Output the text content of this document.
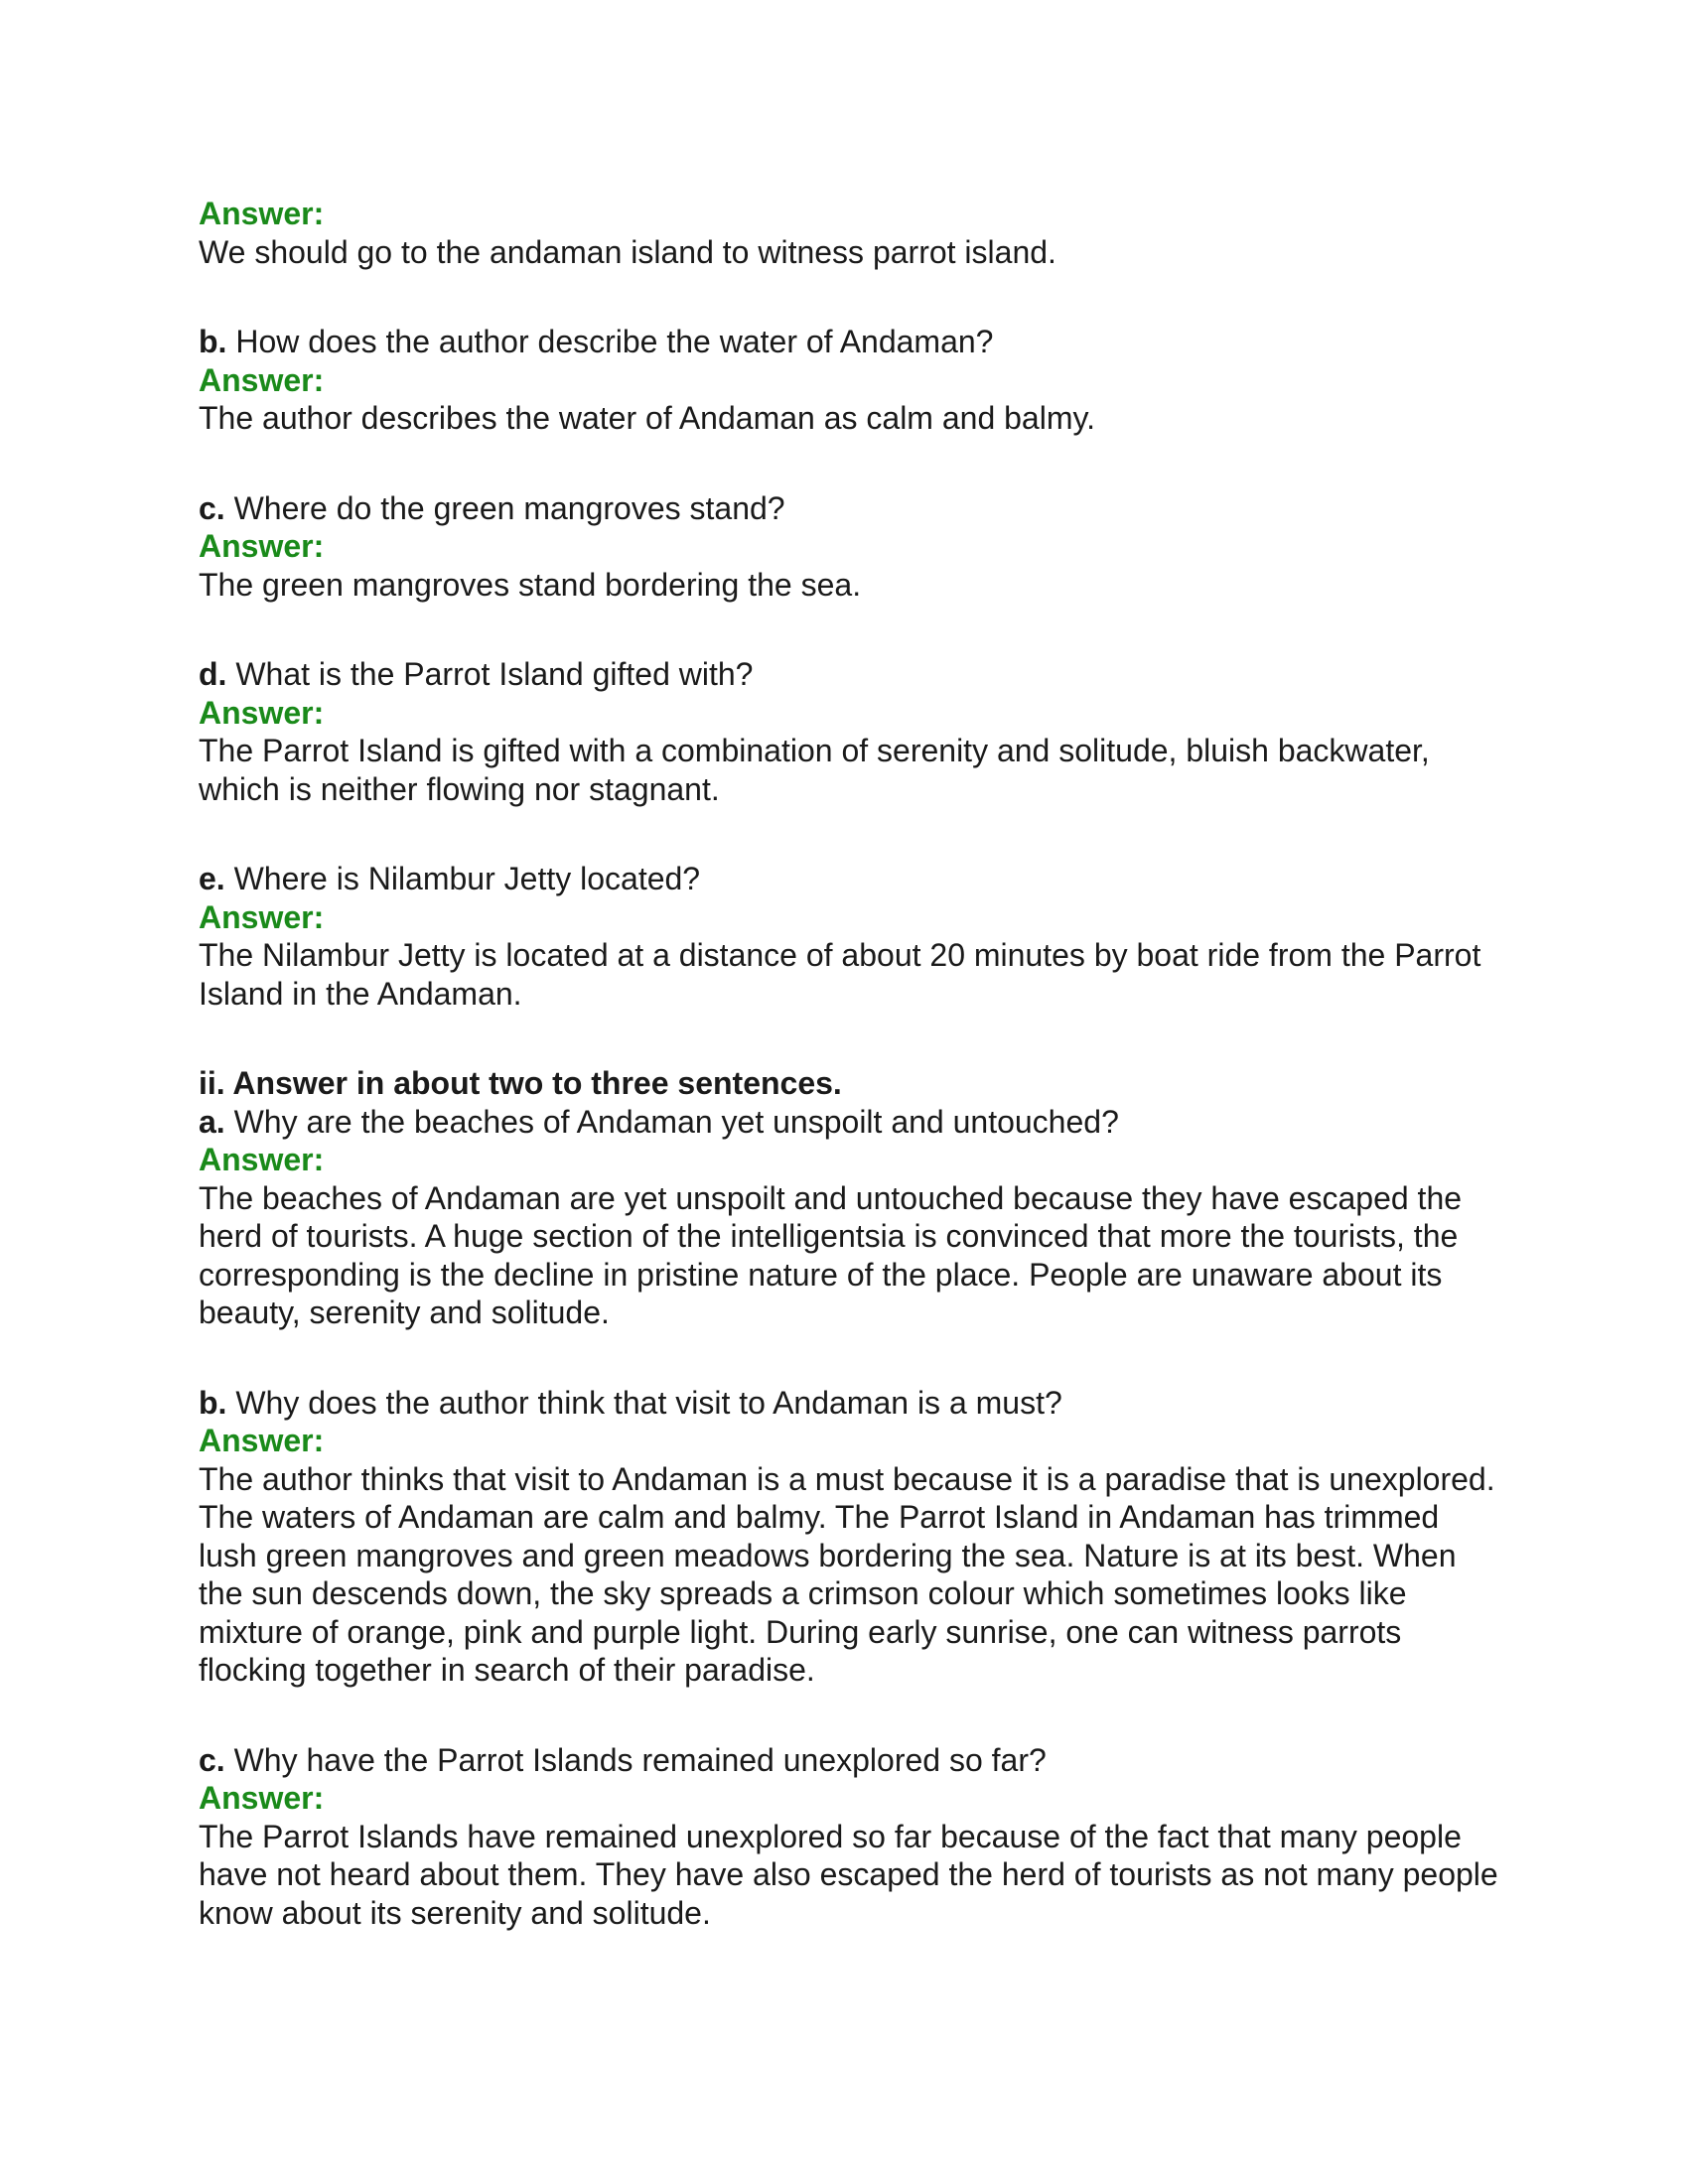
Answer:
We should go to the andaman island to witness parrot island.
b. How does the author describe the water of Andaman?
Answer:
The author describes the water of Andaman as calm and balmy.
c. Where do the green mangroves stand?
Answer:
The green mangroves stand bordering the sea.
d. What is the Parrot Island gifted with?
Answer:
The Parrot Island is gifted with a combination of serenity and solitude, bluish backwater, which is neither flowing nor stagnant.
e. Where is Nilambur Jetty located?
Answer:
The Nilambur Jetty is located at a distance of about 20 minutes by boat ride from the Parrot Island in the Andaman.
ii. Answer in about two to three sentences.
a. Why are the beaches of Andaman yet unspoilt and untouched?
Answer:
The beaches of Andaman are yet unspoilt and untouched because they have escaped the herd of tourists. A huge section of the intelligentsia is convinced that more the tourists, the corresponding is the decline in pristine nature of the place. People are unaware about its beauty, serenity and solitude.
b. Why does the author think that visit to Andaman is a must?
Answer:
The author thinks that visit to Andaman is a must because it is a paradise that is unexplored. The waters of Andaman are calm and balmy. The Parrot Island in Andaman has trimmed lush green mangroves and green meadows bordering the sea. Nature is at its best. When the sun descends down, the sky spreads a crimson colour which sometimes looks like mixture of orange, pink and purple light. During early sunrise, one can witness parrots flocking together in search of their paradise.
c. Why have the Parrot Islands remained unexplored so far?
Answer:
The Parrot Islands have remained unexplored so far because of the fact that many people have not heard about them. They have also escaped the herd of tourists as not many people know about its serenity and solitude.
